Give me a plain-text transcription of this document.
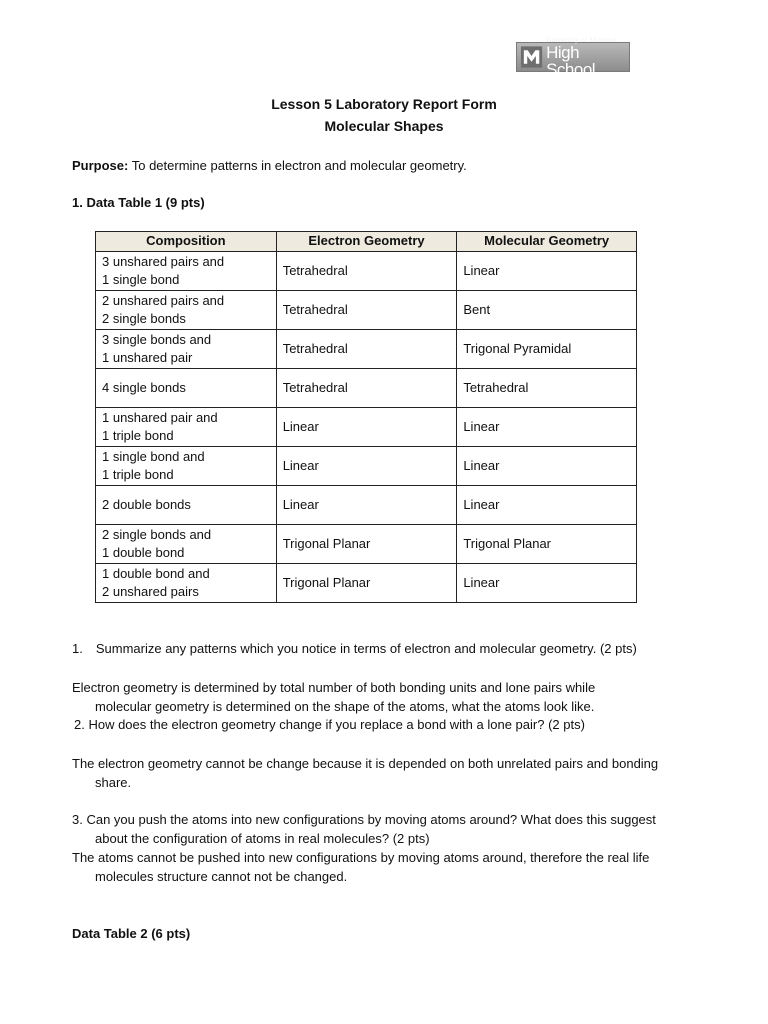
University of Missouri
High School
Lesson 5 Laboratory Report Form
Molecular Shapes
Purpose: To determine patterns in electron and molecular geometry.
1. Data Table 1 (9 pts)
Composition	Electron Geometry	Molecular Geometry

3 unshared pairs and
1 single bond	Tetrahedral	Linear

2 unshared pairs and
2 single bonds	Tetrahedral	Bent

3 single bonds and
1 unshared pair	Tetrahedral	Trigonal Pyramidal

4 single bonds	Tetrahedral	Tetrahedral

1 unshared pair and
1 triple bond	Linear	Linear

1 single bond and
1 triple bond	Linear	Linear

2 double bonds	Linear	Linear

2 single bonds and
1 double bond	Trigonal Planar	Trigonal Planar

1 double bond and
2 unshared pairs	Trigonal Planar	Linear
1. Summarize any patterns which you notice in terms of electron and molecular geometry. (2 pts)
Electron geometry is determined by total number of both bonding units and lone pairs while
molecular geometry is determined on the shape of the atoms, what the atoms look like.
2. How does the electron geometry change if you replace a bond with a lone pair? (2 pts)
The electron geometry cannot be change because it is depended on both unrelated pairs and bonding
share.
3. Can you push the atoms into new configurations by moving atoms around? What does this suggest
about the configuration of atoms in real molecules? (2 pts)
The atoms cannot be pushed into new configurations by moving atoms around, therefore the real life
molecules structure cannot not be changed.
Data Table 2 (6 pts)
